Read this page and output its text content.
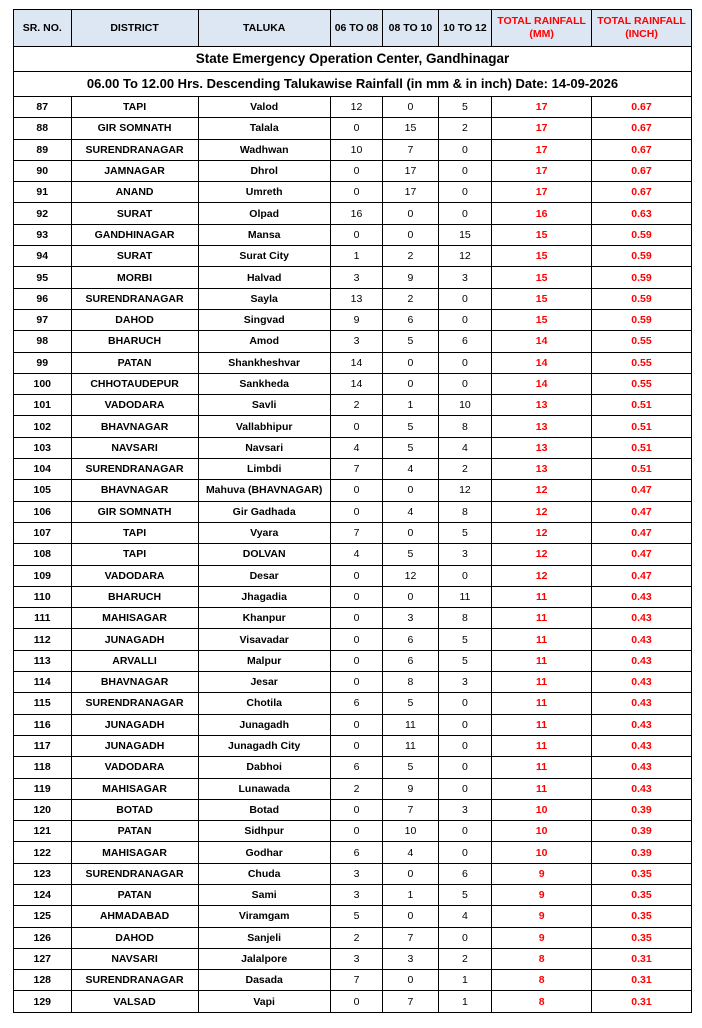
State Emergency Operation Center, Gandhinagar							
06.00 To 12.00 Hrs. Descending Talukawise Rainfall (in mm & in inch) Date: 14-09-2026							
SR. NO.	DISTRICT	TALUKA	06 TO 08	08 TO 10	10 TO 12	TOTAL RAINFALL (MM)	TOTAL RAINFALL (INCH)
87	TAPI	Valod	12	0	5	17	0.67
88	GIR SOMNATH	Talala	0	15	2	17	0.67
89	SURENDRANAGAR	Wadhwan	10	7	0	17	0.67
90	JAMNAGAR	Dhrol	0	17	0	17	0.67
91	ANAND	Umreth	0	17	0	17	0.67
92	SURAT	Olpad	16	0	0	16	0.63
93	GANDHINAGAR	Mansa	0	0	15	15	0.59
94	SURAT	Surat City	1	2	12	15	0.59
95	MORBI	Halvad	3	9	3	15	0.59
96	SURENDRANAGAR	Sayla	13	2	0	15	0.59
97	DAHOD	Singvad	9	6	0	15	0.59
98	BHARUCH	Amod	3	5	6	14	0.55
99	PATAN	Shankheshvar	14	0	0	14	0.55
100	CHHOTAUDEPUR	Sankheda	14	0	0	14	0.55
101	VADODARA	Savli	2	1	10	13	0.51
102	BHAVNAGAR	Vallabhipur	0	5	8	13	0.51
103	NAVSARI	Navsari	4	5	4	13	0.51
104	SURENDRANAGAR	Limbdi	7	4	2	13	0.51
105	BHAVNAGAR	Mahuva (BHAVNAGAR)	0	0	12	12	0.47
106	GIR SOMNATH	Gir Gadhada	0	4	8	12	0.47
107	TAPI	Vyara	7	0	5	12	0.47
108	TAPI	DOLVAN	4	5	3	12	0.47
109	VADODARA	Desar	0	12	0	12	0.47
110	BHARUCH	Jhagadia	0	0	11	11	0.43
111	MAHISAGAR	Khanpur	0	3	8	11	0.43
112	JUNAGADH	Visavadar	0	6	5	11	0.43
113	ARVALLI	Malpur	0	6	5	11	0.43
114	BHAVNAGAR	Jesar	0	8	3	11	0.43
115	SURENDRANAGAR	Chotila	6	5	0	11	0.43
116	JUNAGADH	Junagadh	0	11	0	11	0.43
117	JUNAGADH	Junagadh City	0	11	0	11	0.43
118	VADODARA	Dabhoi	6	5	0	11	0.43
119	MAHISAGAR	Lunawada	2	9	0	11	0.43
120	BOTAD	Botad	0	7	3	10	0.39
121	PATAN	Sidhpur	0	10	0	10	0.39
122	MAHISAGAR	Godhar	6	4	0	10	0.39
123	SURENDRANAGAR	Chuda	3	0	6	9	0.35
124	PATAN	Sami	3	1	5	9	0.35
125	AHMADABAD	Viramgam	5	0	4	9	0.35
126	DAHOD	Sanjeli	2	7	0	9	0.35
127	NAVSARI	Jalalpore	3	3	2	8	0.31
128	SURENDRANAGAR	Dasada	7	0	1	8	0.31
129	VALSAD	Vapi	0	7	1	8	0.31
